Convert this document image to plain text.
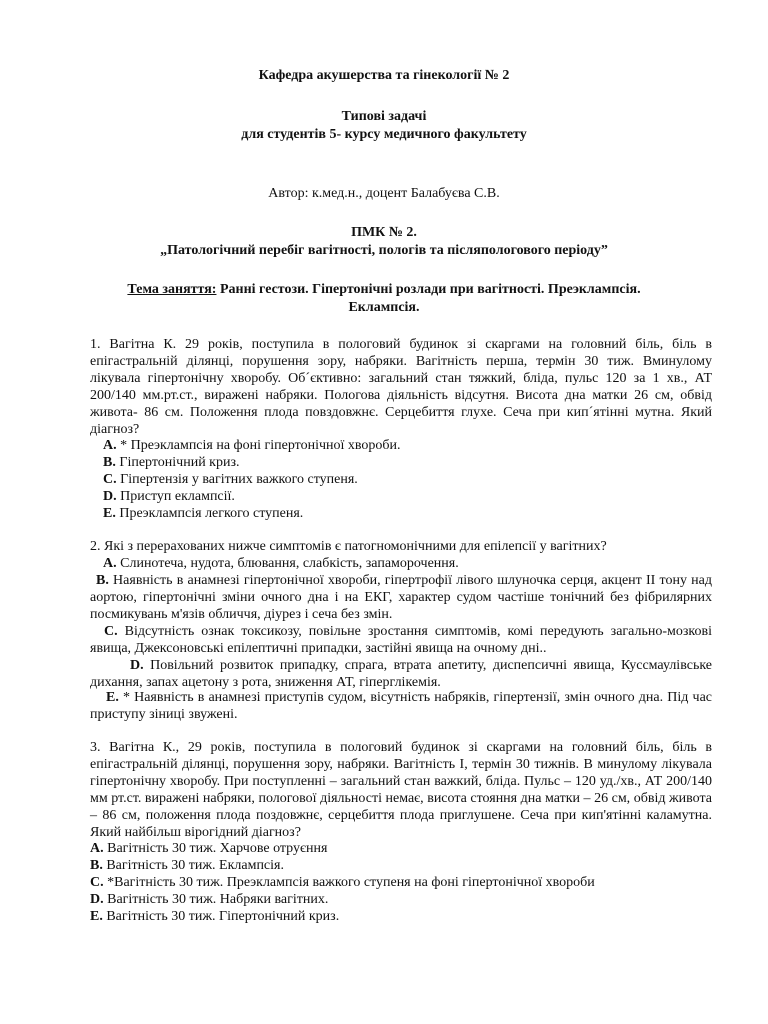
Кафедра акушерства та гінекології № 2
Типові задачі
для студентів 5- курсу медичного факультету
Автор: к.мед.н., доцент Балабуєва С.В.
ПМК № 2.
„Патологічний перебіг вагітності, пологів та післяпологового періоду”
Тема заняття: Ранні гестози. Гіпертонічні розлади при вагітності. Преэклампсія.
Еклампсія.
1. Вагітна К. 29 років, поступила в пологовий будинок зі скаргами на головний біль, біль в епігастральній ділянці, порушення зору, набряки. Вагітність перша, термін 30 тиж. Вминулому лікувала гіпертонічну хворобу. Об´єктивно: загальний стан тяжкий, бліда, пульс 120 за 1 хв., АТ 200/140 мм.рт.ст., виражені набряки. Пологова діяльність відсутня. Висота дна матки 26 см, обвід живота- 86 см. Положення плода повздовжнє. Серцебиття глухе. Сеча при кип´ятінні мутна. Який діагноз?
A. * Преэклампсія на фоні гіпертонічної хвороби.
B. Гіпертонічний криз.
C. Гіпертензія у вагітних важкого ступеня.
D. Приступ еклампсії.
E. Преэклампсія легкого ступеня.
2. Які з перерахованих нижче симптомів є патогномонічними для епілепсії у вагітних?
A. Слинотеча, нудота, блювання, слабкість, запаморочення.
B. Наявність в анамнезі гіпертонічної хвороби, гіпертрофії лівого шлуночка серця, акцент ІІ тону над аортою, гіпертонічні зміни очного дна і на ЕКГ, характер судом частіше тонічний без фібриляpних посмикувань м'язів обличчя, діурез і сеча без змін.
C. Відсутність ознак токсикозу, повільне зростання симптомів, комі передують загально-мозкові явища, Джексоновські епілептичні припадки, застійні явища на очному дні..
D. Повільний розвиток припадку, спрага, втрата апетиту, диспепсичні явища, Куссмаулівське дихання, запах ацетону з рота, зниження АТ, гіперглікемія.
E. * Наявність в анамнезі приступів судом, вісутність набряків, гіпертензії, змін очного дна. Під час приступу зіниці звужені.
3. Вагітна К., 29 років, поступила в пологовий будинок зі скаргами на головний біль, біль в епігастральній ділянці, порушення зору, набряки. Вагітність І, термін 30 тижнів. В минулому лікувала гіпертонічну хворобу. При поступленні – загальний стан важкий, бліда. Пульс – 120 уд./хв., АТ 200/140 мм рт.ст. виражені набряки, пологової діяльності немає, висота стояння дна матки – 26 см, обвід живота – 86 см, положення плода поздовжнє, серцебиття плода приглушене. Сеча при кип'ятінні каламутна. Який найбільш вірогідний діагноз?
A. Вагітність 30 тиж. Харчове отруєння
B. Вагітність 30 тиж. Еклампсія.
C. *Вагітність 30 тиж. Преэклампсія важкого ступеня на фоні гіпертонічної хвороби
D. Вагітність 30 тиж. Набряки вагітних.
E. Вагітність 30 тиж. Гіпертонічний криз.
